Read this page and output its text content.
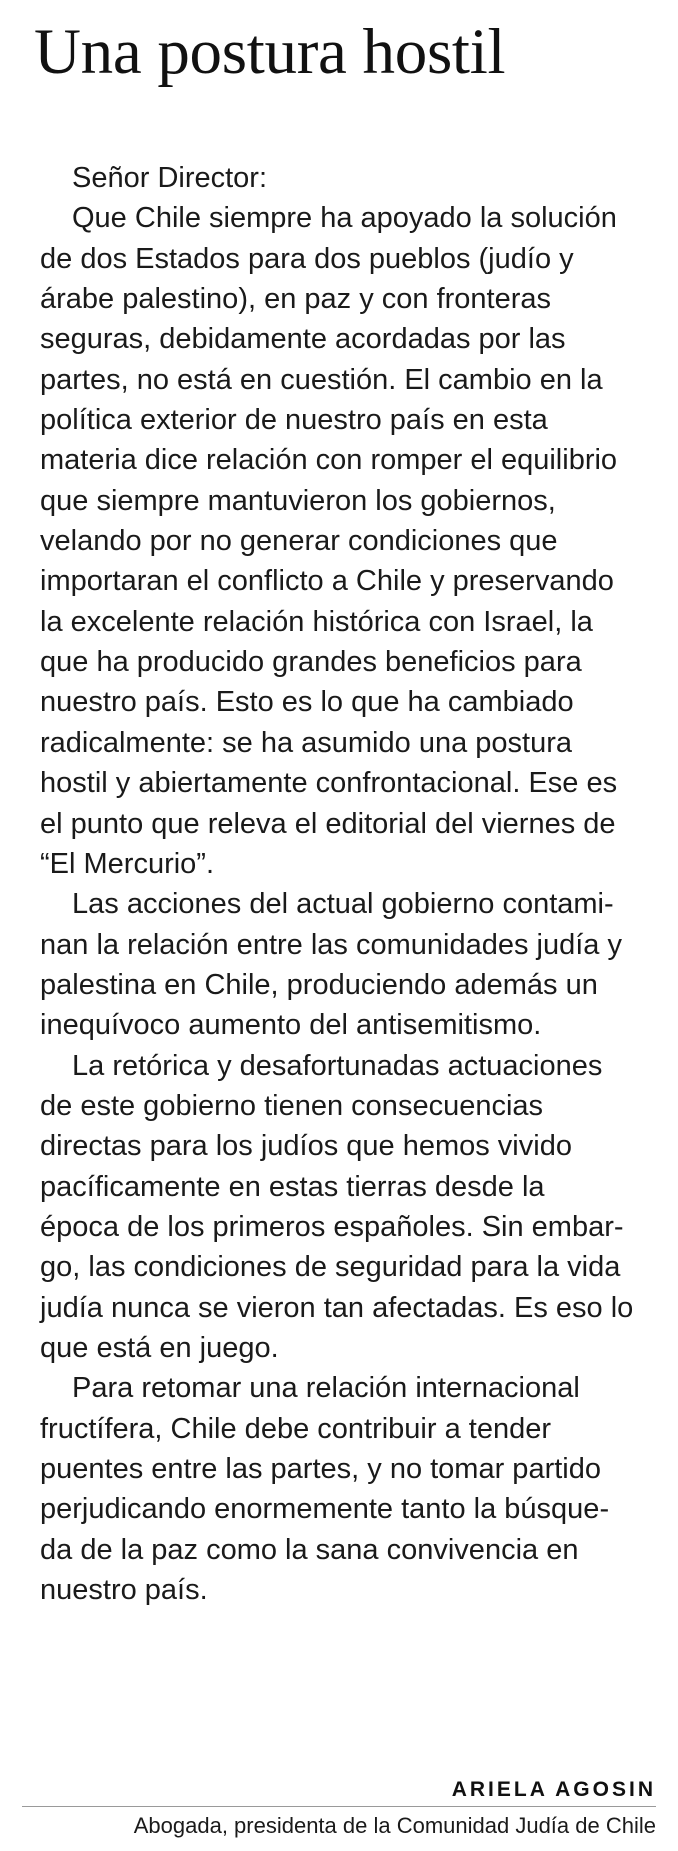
Una postura hostil
Señor Director:
Que Chile siempre ha apoyado la solución
de dos Estados para dos pueblos (judío y
árabe palestino), en paz y con fronteras
seguras, debidamente acordadas por las
partes, no está en cuestión. El cambio en la
política exterior de nuestro país en esta
materia dice relación con romper el equilibrio
que siempre mantuvieron los gobiernos,
velando por no generar condiciones que
importaran el conflicto a Chile y preservando
la excelente relación histórica con Israel, la
que ha producido grandes beneficios para
nuestro país. Esto es lo que ha cambiado
radicalmente: se ha asumido una postura
hostil y abiertamente confrontacional. Ese es
el punto que releva el editorial del viernes de
“El Mercurio”.
Las acciones del actual gobierno contami-
nan la relación entre las comunidades judía y
palestina en Chile, produciendo además un
inequívoco aumento del antisemitismo.
La retórica y desafortunadas actuaciones
de este gobierno tienen consecuencias
directas para los judíos que hemos vivido
pacíficamente en estas tierras desde la
época de los primeros españoles. Sin embar-
go, las condiciones de seguridad para la vida
judía nunca se vieron tan afectadas. Es eso lo
que está en juego.
Para retomar una relación internacional
fructífera, Chile debe contribuir a tender
puentes entre las partes, y no tomar partido
perjudicando enormemente tanto la búsque-
da de la paz como la sana convivencia en
nuestro país.
ARIELA AGOSIN
Abogada, presidenta de la Comunidad Judía de Chile
